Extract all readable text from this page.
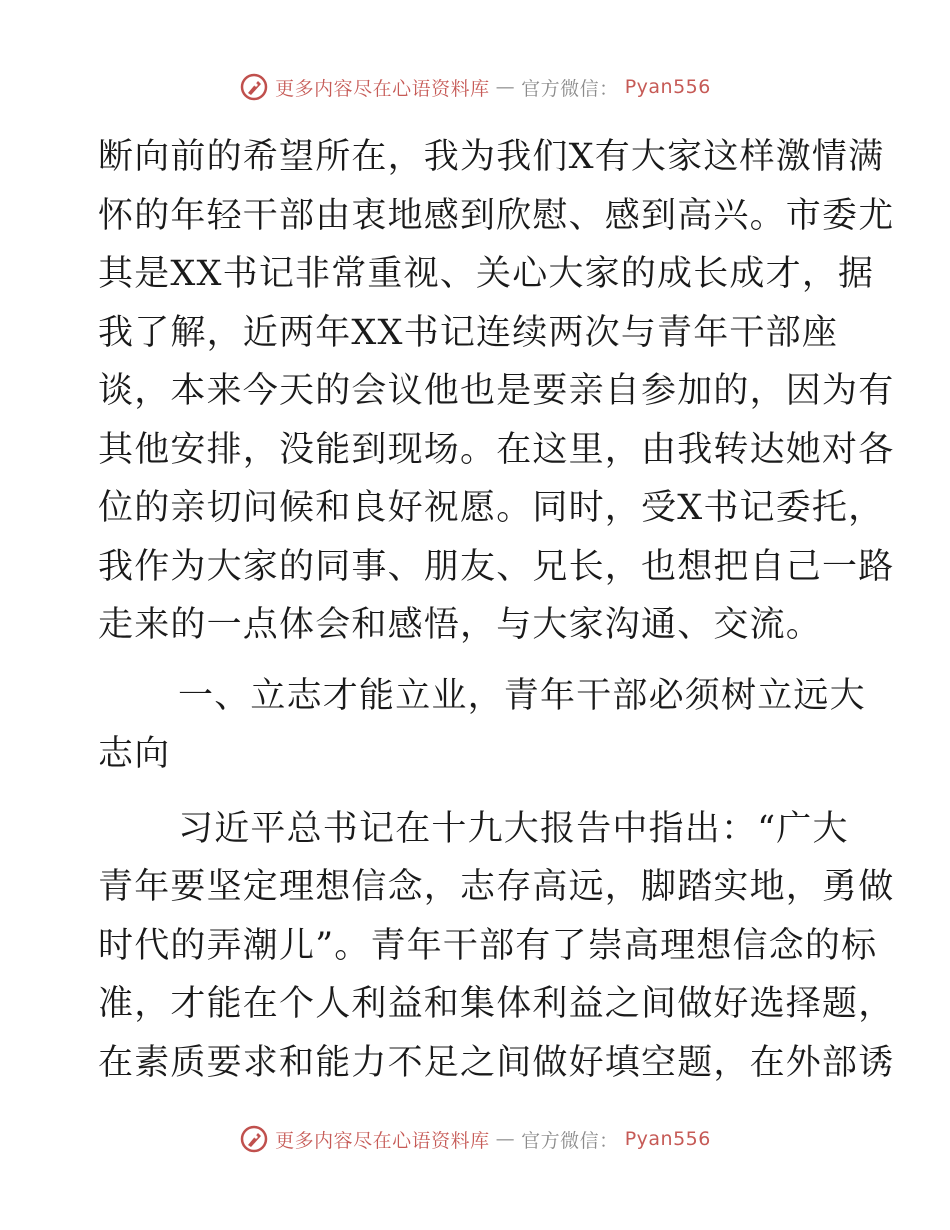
更多内容尽在心语资料库 — 官方微信： Pyan556

断向前的希望所在，我为我们X有大家这样激情满
怀的年轻干部由衷地感到欣慰、感到高兴。市委尤
其是XX书记非常重视、关心大家的成长成才，据
我了解，近两年XX书记连续两次与青年干部座
谈，本来今天的会议他也是要亲自参加的，因为有
其他安排，没能到现场。在这里，由我转达她对各
位的亲切问候和良好祝愿。同时，受X书记委托，
我作为大家的同事、朋友、兄长，也想把自己一路
走来的一点体会和感悟，与大家沟通、交流。

一、立志才能立业，青年干部必须树立远大
志向

习近平总书记在十九大报告中指出：“广大
青年要坚定理想信念，志存高远，脚踏实地，勇做
时代的弄潮儿”。青年干部有了崇高理想信念的标
准，才能在个人利益和集体利益之间做好选择题，
在素质要求和能力不足之间做好填空题，在外部诱

更多内容尽在心语资料库 — 官方微信： Pyan556
